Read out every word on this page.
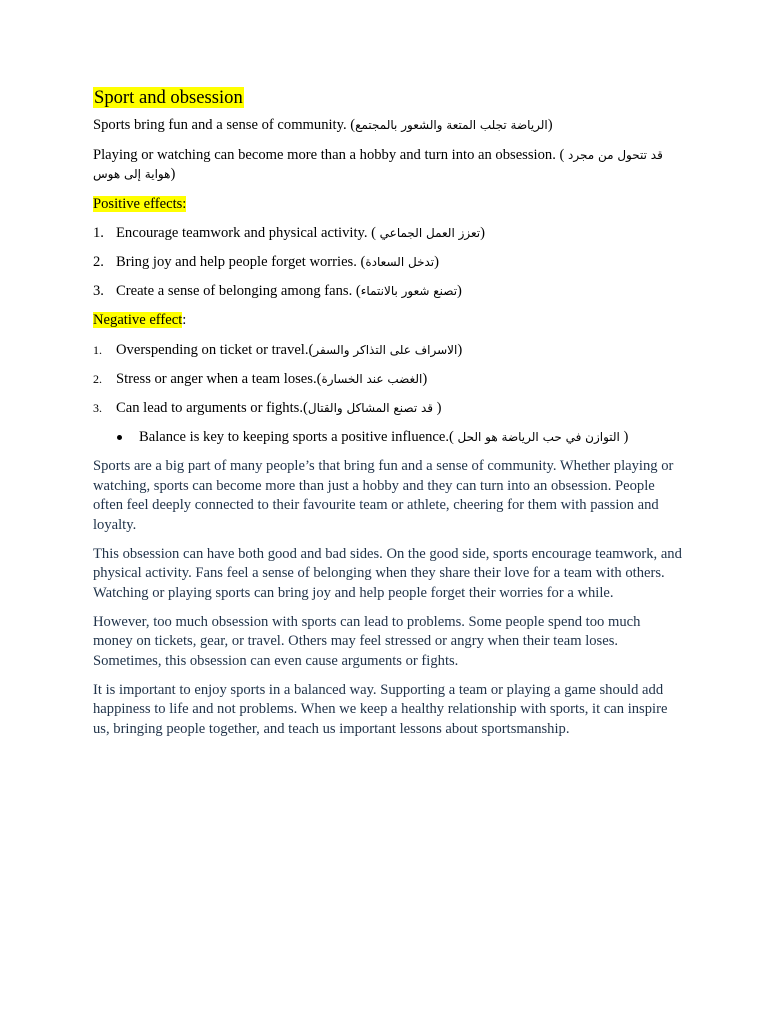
Sport and obsession

Sports bring fun and a sense of community. (الرياضة تجلب المتعة والشعور بالمجتمع)

Playing or watching can become more than a hobby and turn into an obsession. ( قد تتحول من مجرد هواية إلى هوس)

Positive effects:
1. Encourage teamwork and physical activity. ( تعزز العمل الجماعي)
2. Bring joy and help people forget worries. (تدخل السعادة)
3. Create a sense of belonging among fans. (تصنع شعور بالانتماء)
Negative effect:
1. Overspending on ticket or travel.(الاسراف على التذاكر والسفر)
2. Stress or anger when a team loses.(الغضب عند الخسارة)
3. Can lead to arguments or fights.(قد تصنع المشاكل والقتال )
Balance is key to keeping sports a positive influence.( التوازن في حب الرياضة هو الحل )

Sports are a big part of many people’s that bring fun and a sense of community. Whether playing or watching, sports can become more than just a hobby and they can turn into an obsession. People often feel deeply connected to their favourite team or athlete, cheering for them with passion and loyalty.

This obsession can have both good and bad sides. On the good side, sports encourage teamwork, and physical activity. Fans feel a sense of belonging when they share their love for a team with others. Watching or playing sports can bring joy and help people forget their worries for a while.

However, too much obsession with sports can lead to problems. Some people spend too much money on tickets, gear, or travel. Others may feel stressed or angry when their team loses. Sometimes, this obsession can even cause arguments or fights.

It is important to enjoy sports in a balanced way. Supporting a team or playing a game should add happiness to life and not problems. When we keep a healthy relationship with sports, it can inspire us, bringing people together, and teach us important lessons about sportsmanship.
